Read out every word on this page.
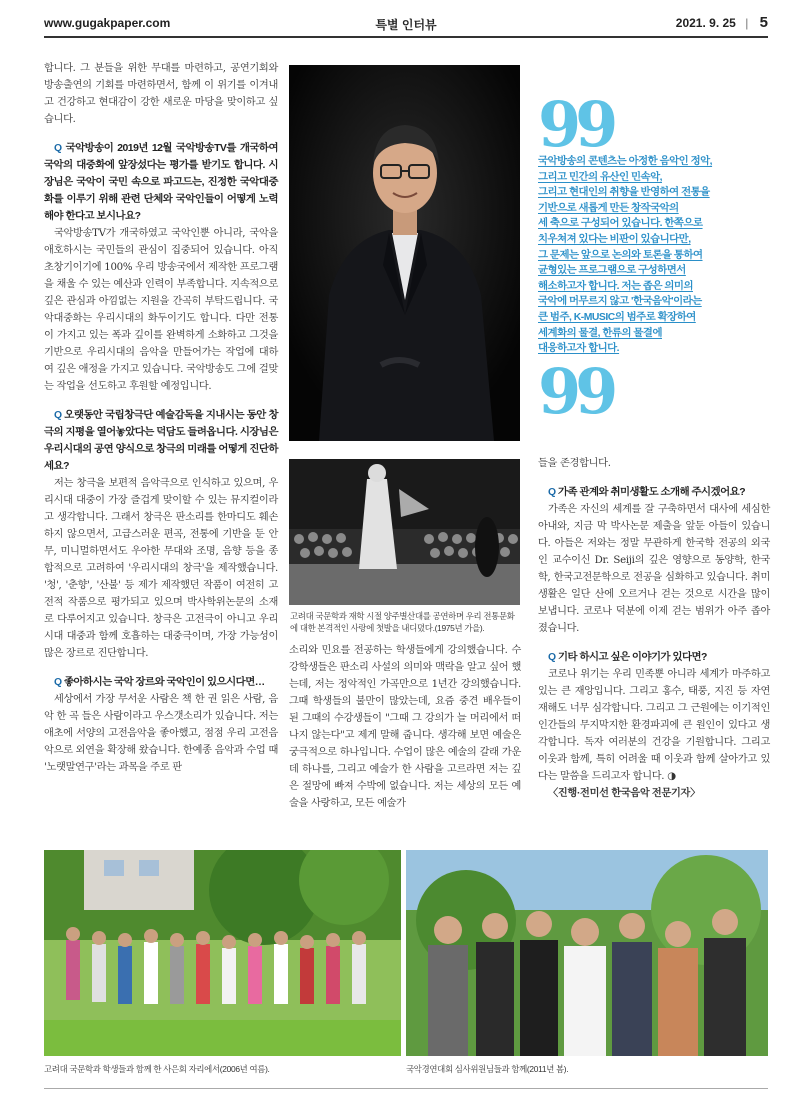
www.gugakpaper.com	특별 인터뷰	2021. 9. 25 | 5

합니다. 그 분들을 위한 무대를 마련하고, 공연기회와 방송출연의 기회를 마련하면서, 함께 이 위기를 이겨내고 건강하고 현대감이 강한 새로운 마당을 맞이하고 싶습니다.

Q 국악방송이 2019년 12월 국악방송TV를 개국하여 국악의 대중화에 앞장섰다는 평가를 받기도 합니다. 시장님은 국악이 국민 속으로 파고드는, 진정한 국악대중화를 이루기 위해 관련 단체와 국악인들이 어떻게 노력해야 한다고 보시나요?

국악방송TV가 개국하였고 국악인뿐 아니라, 국악을 애호하시는 국민들의 관심이 집중되어 있습니다. 아직 초창기이기에 100% 우리 방송국에서 제작한 프로그램을 채울 수 있는 예산과 인력이 부족합니다. 지속적으로 깊은 관심과 아낌없는 지원을 간곡히 부탁드립니다. 국악대중화는 우리시대의 화두이기도 합니다. 다만 전통이 가지고 있는 폭과 깊이를 완벽하게 소화하고 그것을 기반으로 우리시대의 음악을 만들어가는 작업에 대하여 깊은 애정을 가지고 있습니다. 국악방송도 그에 걸맞는 작업을 선도하고 후원할 예정입니다.

Q 오랫동안 국립창극단 예술감독을 지내시는 동안 창극의 지평을 열어놓았다는 덕담도 들려옵니다. 시장님은 우리시대의 공연 양식으로 창극의 미래를 어떻게 진단하세요?

저는 창극을 보편적 음악극으로 인식하고 있으며, 우리시대 대중이 가장 즐겁게 맞이할 수 있는 뮤지컬이라고 생각합니다. 그래서 창극은 판소리를 한마디도 훼손하지 않으면서, 고급스러운 편곡, 전통에 기반을 둔 안무, 미니멀하면서도 우아한 무대와 조명, 음향 등을 종합적으로 고려하여 '우리시대의 창극'을 제작했습니다. '청', '춘향', '산불' 등 제가 제작했던 작품이 여전히 고전적 작품으로 평가되고 있으며 박사학위논문의 소재로 다루어지고 있습니다. 창극은 고전극이 아니고 우리시대 대중과 함께 호흡하는 대중극이며, 가장 가능성이 많은 장르로 진단합니다.

Q 좋아하시는 국악 장르와 국악인이 있으시다면…

세상에서 가장 무서운 사람은 책 한 권 읽은 사람, 음악 한 곡 들은 사람이라고 우스갯소리가 있습니다. 저는 애초에 서양의 고전음악을 좋아했고, 점점 우리 고전음악으로 외연을 확장해 왔습니다. 한예종 음악과 수업 때 '노랫말연구'라는 과목을 주로 판

고려대 국문학과 재학 시절 양주별산대를 공연하며 우리 전통문화에 대한 본격적인 사랑에 첫발을 내디뎠다.(1975년 가을).

소리와 민요를 전공하는 학생들에게 강의했습니다. 수강학생들은 판소리 사설의 의미와 맥락을 알고 싶어 했는데, 저는 정악적인 가곡만으로 1년간 강의했습니다. 그때 학생들의 불만이 많았는데, 요즘 중견 배우들이 된 그때의 수강생들이 "그때 그 강의가 늘 머리에서 떠나지 않는다"고 제게 말해 줍니다. 생각해 보면 예술은 궁극적으로 하나입니다. 수업이 많은 예술의 갈래 가운데 하나를, 그리고 예술가 한 사람을 고르라면 저는 깊은 절망에 빠져 수박에 없습니다. 저는 세상의 모든 예술을 사랑하고, 모든 예술가

99
국악방송의 콘텐츠는 아정한 음악인 정악,
그리고 민간의 유산인 민속악,
그리고 현대인의 취향을 반영하여 전통을
기반으로 새롭게 만든 창작국악의
세 축으로 구성되어 있습니다. 한쪽으로
치우쳐져 있다는 비판이 있습니다만,
그 문제는 앞으로 논의와 토론을 통하여
균형있는 프로그램으로 구성하면서
해소하고자 합니다. 저는 좁은 의미의
국악에 머무르지 않고 '한국음악'이라는
큰 범주, K-MUSIC의 범주로 확장하여
세계화의 물결, 한류의 물결에
대응하고자 합니다.
99

들을 존경합니다.

Q 가족 관계와 취미생활도 소개해 주시겠어요?

가족은 자신의 세계를 잘 구축하면서 대사에 세심한 아내와, 지금 막 박사논문 제출을 앞둔 아들이 있습니다. 아들은 저와는 정말 무관하게 한국학 전공의 외국인 교수이신 Dr. Seiji의 깊은 영향으로 동양학, 한국학, 한국고전문학으로 전공을 심화하고 있습니다. 취미생활은 일단 산에 오르거나 걷는 것으로 시간을 많이 보냅니다. 코로나 덕분에 이제 걷는 범위가 아주 좁아졌습니다.

Q 기타 하시고 싶은 이야기가 있다면?

코로나 위기는 우리 민족뿐 아니라 세계가 마주하고 있는 큰 재앙입니다. 그리고 홍수, 태풍, 지진 등 자연재해도 너무 심각합니다. 그리고 그 근원에는 이기적인 인간들의 무지막지한 환경파괴에 큰 원인이 있다고 생각합니다. 독자 여러분의 건강을 기원합니다. 그리고 이웃과 함께, 특히 어려울 때 이웃과 함께 살아가고 있다는 말씀을 드리고자 합니다. ◑

〈진행·전미선 한국음악 전문기자〉

고려대 국문학과 학생들과 함께 한 사은회 자리에서(2006년 여름).	국악경연대회 심사위원님들과 함께(2011년 봄).
